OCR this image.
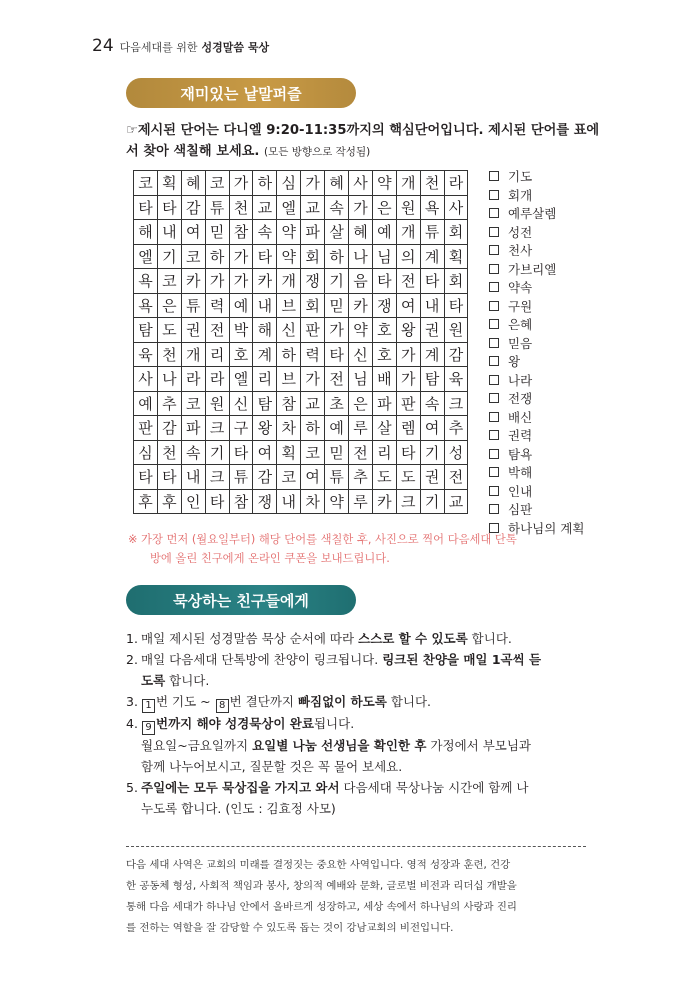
24 다음세대를 위한 성경말씀 묵상
재미있는 낱말퍼즐
☞제시된 단어는 다니엘 9:20-11:35까지의 핵심단어입니다. 제시된 단어를 표에서 찾아 색칠해 보세요. (모든 방향으로 작성됨)
코	획	혜	코	가	하	심	가	혜	사	약	개	천	라
타	타	감	튜	천	교	엘	교	속	가	은	원	욕	사
해	내	여	믿	참	속	약	파	살	혜	예	개	튜	회
엘	기	코	하	가	타	약	회	하	나	님	의	계	획
욕	코	카	가	가	카	개	쟁	기	음	타	전	타	회
욕	은	튜	력	예	내	브	회	믿	카	쟁	여	내	타
탐	도	권	전	박	해	신	판	가	약	호	왕	권	원
육	천	개	리	호	계	하	력	타	신	호	가	계	감
사	나	라	라	엘	리	브	가	전	님	배	가	탐	육
예	추	코	원	신	탐	참	교	초	은	파	판	속	크
판	감	파	크	구	왕	차	하	예	루	살	렘	여	추
심	천	속	기	타	여	획	코	믿	전	리	타	기	성
타	타	내	크	튜	감	코	여	튜	추	도	도	권	전
후	후	인	타	참	쟁	내	차	약	루	카	크	기	교
기도
회개
예루살렘
성전
천사
가브리엘
약속
구원
은혜
믿음
왕
나라
전쟁
배신
권력
탐욕
박해
인내
심판
하나님의 계획
※ 가장 먼저 (월요일부터) 해당 단어를 색칠한 후, 사진으로 찍어 다음세대 단톡
방에 올린 친구에게 온라인 쿠폰을 보내드립니다.
묵상하는 친구들에게
1. 매일 제시된 성경말씀 묵상 순서에 따라 스스로 할 수 있도록 합니다.
2. 매일 다음세대 단톡방에 찬양이 링크됩니다. 링크된 찬양을 매일 1곡씩 듣
도록 합니다.
3. 1 번 기도 ~ 8 번 결단까지 빠짐없이 하도록 합니다.
4. 9 번까지 해야 성경묵상이 완료됩니다.
월요일~금요일까지 요일별 나눔 선생님을 확인한 후 가정에서 부모님과
함께 나누어보시고, 질문할 것은 꼭 물어 보세요.
5. 주일에는 모두 묵상집을 가지고 와서 다음세대 묵상나눔 시간에 함께 나
누도록 합니다. (인도 : 김효정 사모)
다음 세대 사역은 교회의 미래를 결정짓는 중요한 사역입니다. 영적 성장과 훈련, 건강
한 공동체 형성, 사회적 책임과 봉사, 창의적 예배와 문화, 글로벌 비전과 리더십 개발을
통해 다음 세대가 하나님 안에서 올바르게 성장하고, 세상 속에서 하나님의 사랑과 진리
를 전하는 역할을 잘 감당할 수 있도록 돕는 것이 강남교회의 비전입니다.
